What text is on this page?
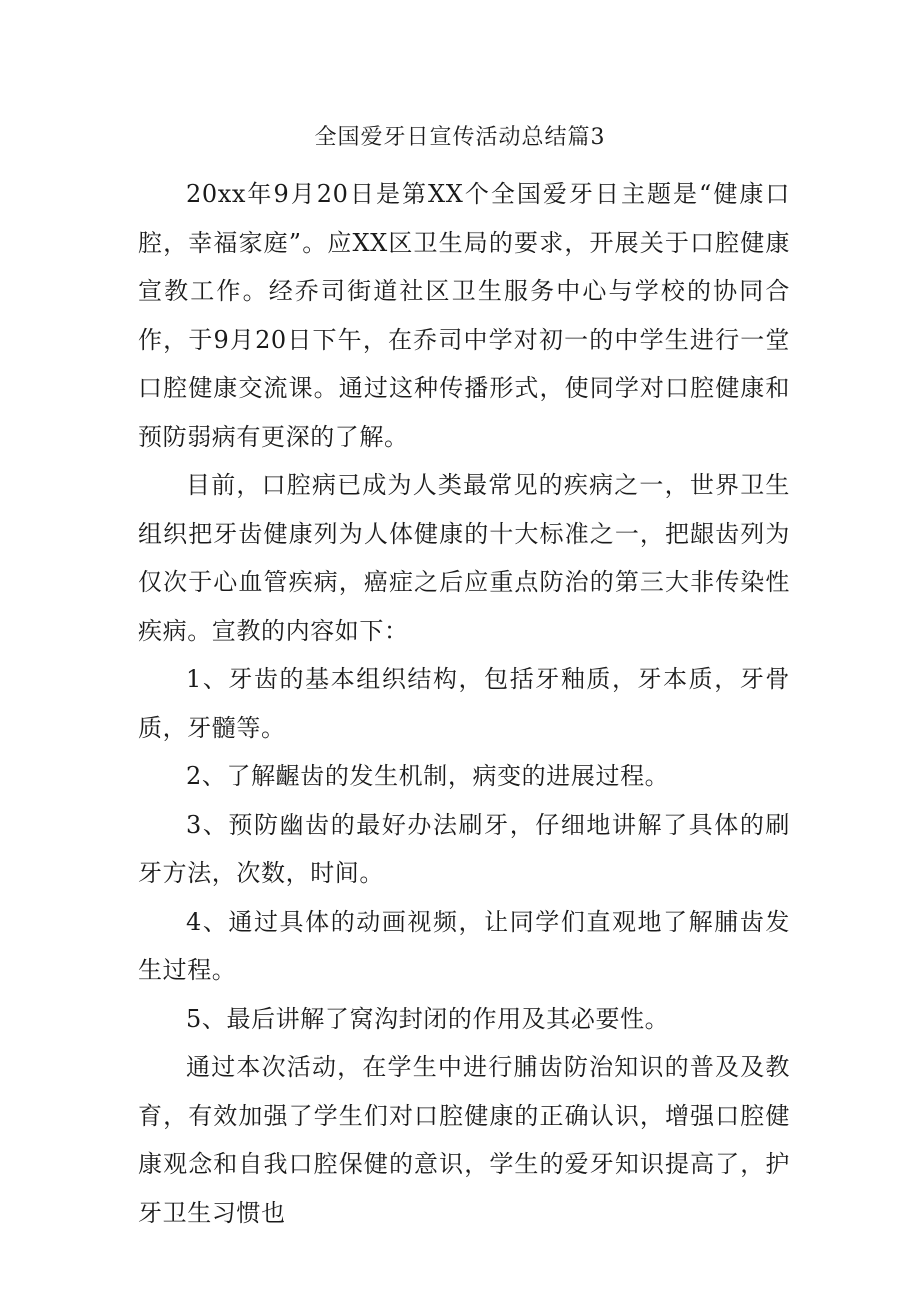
全国爱牙日宣传活动总结篇3

20xx年9月20日是第XX个全国爱牙日主题是“健康口腔，幸福家庭”。应XX区卫生局的要求，开展关于口腔健康宣教工作。经乔司街道社区卫生服务中心与学校的协同合作，于9月20日下午，在乔司中学对初一的中学生进行一堂口腔健康交流课。通过这种传播形式，使同学对口腔健康和预防弱病有更深的了解。

目前，口腔病已成为人类最常见的疾病之一，世界卫生组织把牙齿健康列为人体健康的十大标准之一，把龈齿列为仅次于心血管疾病，癌症之后应重点防治的第三大非传染性疾病。宣教的内容如下：

1、牙齿的基本组织结构，包括牙釉质，牙本质，牙骨质，牙髓等。

2、了解齷齿的发生机制，病变的进展过程。

3、预防幽齿的最好办法刷牙，仔细地讲解了具体的刷牙方法，次数，时间。

4、通过具体的动画视频，让同学们直观地了解脯齿发生过程。

5、最后讲解了窝沟封闭的作用及其必要性。

通过本次活动，在学生中进行脯齿防治知识的普及及教育，有效加强了学生们对口腔健康的正确认识，增强口腔健康观念和自我口腔保健的意识，学生的爱牙知识提高了，护牙卫生习惯也
